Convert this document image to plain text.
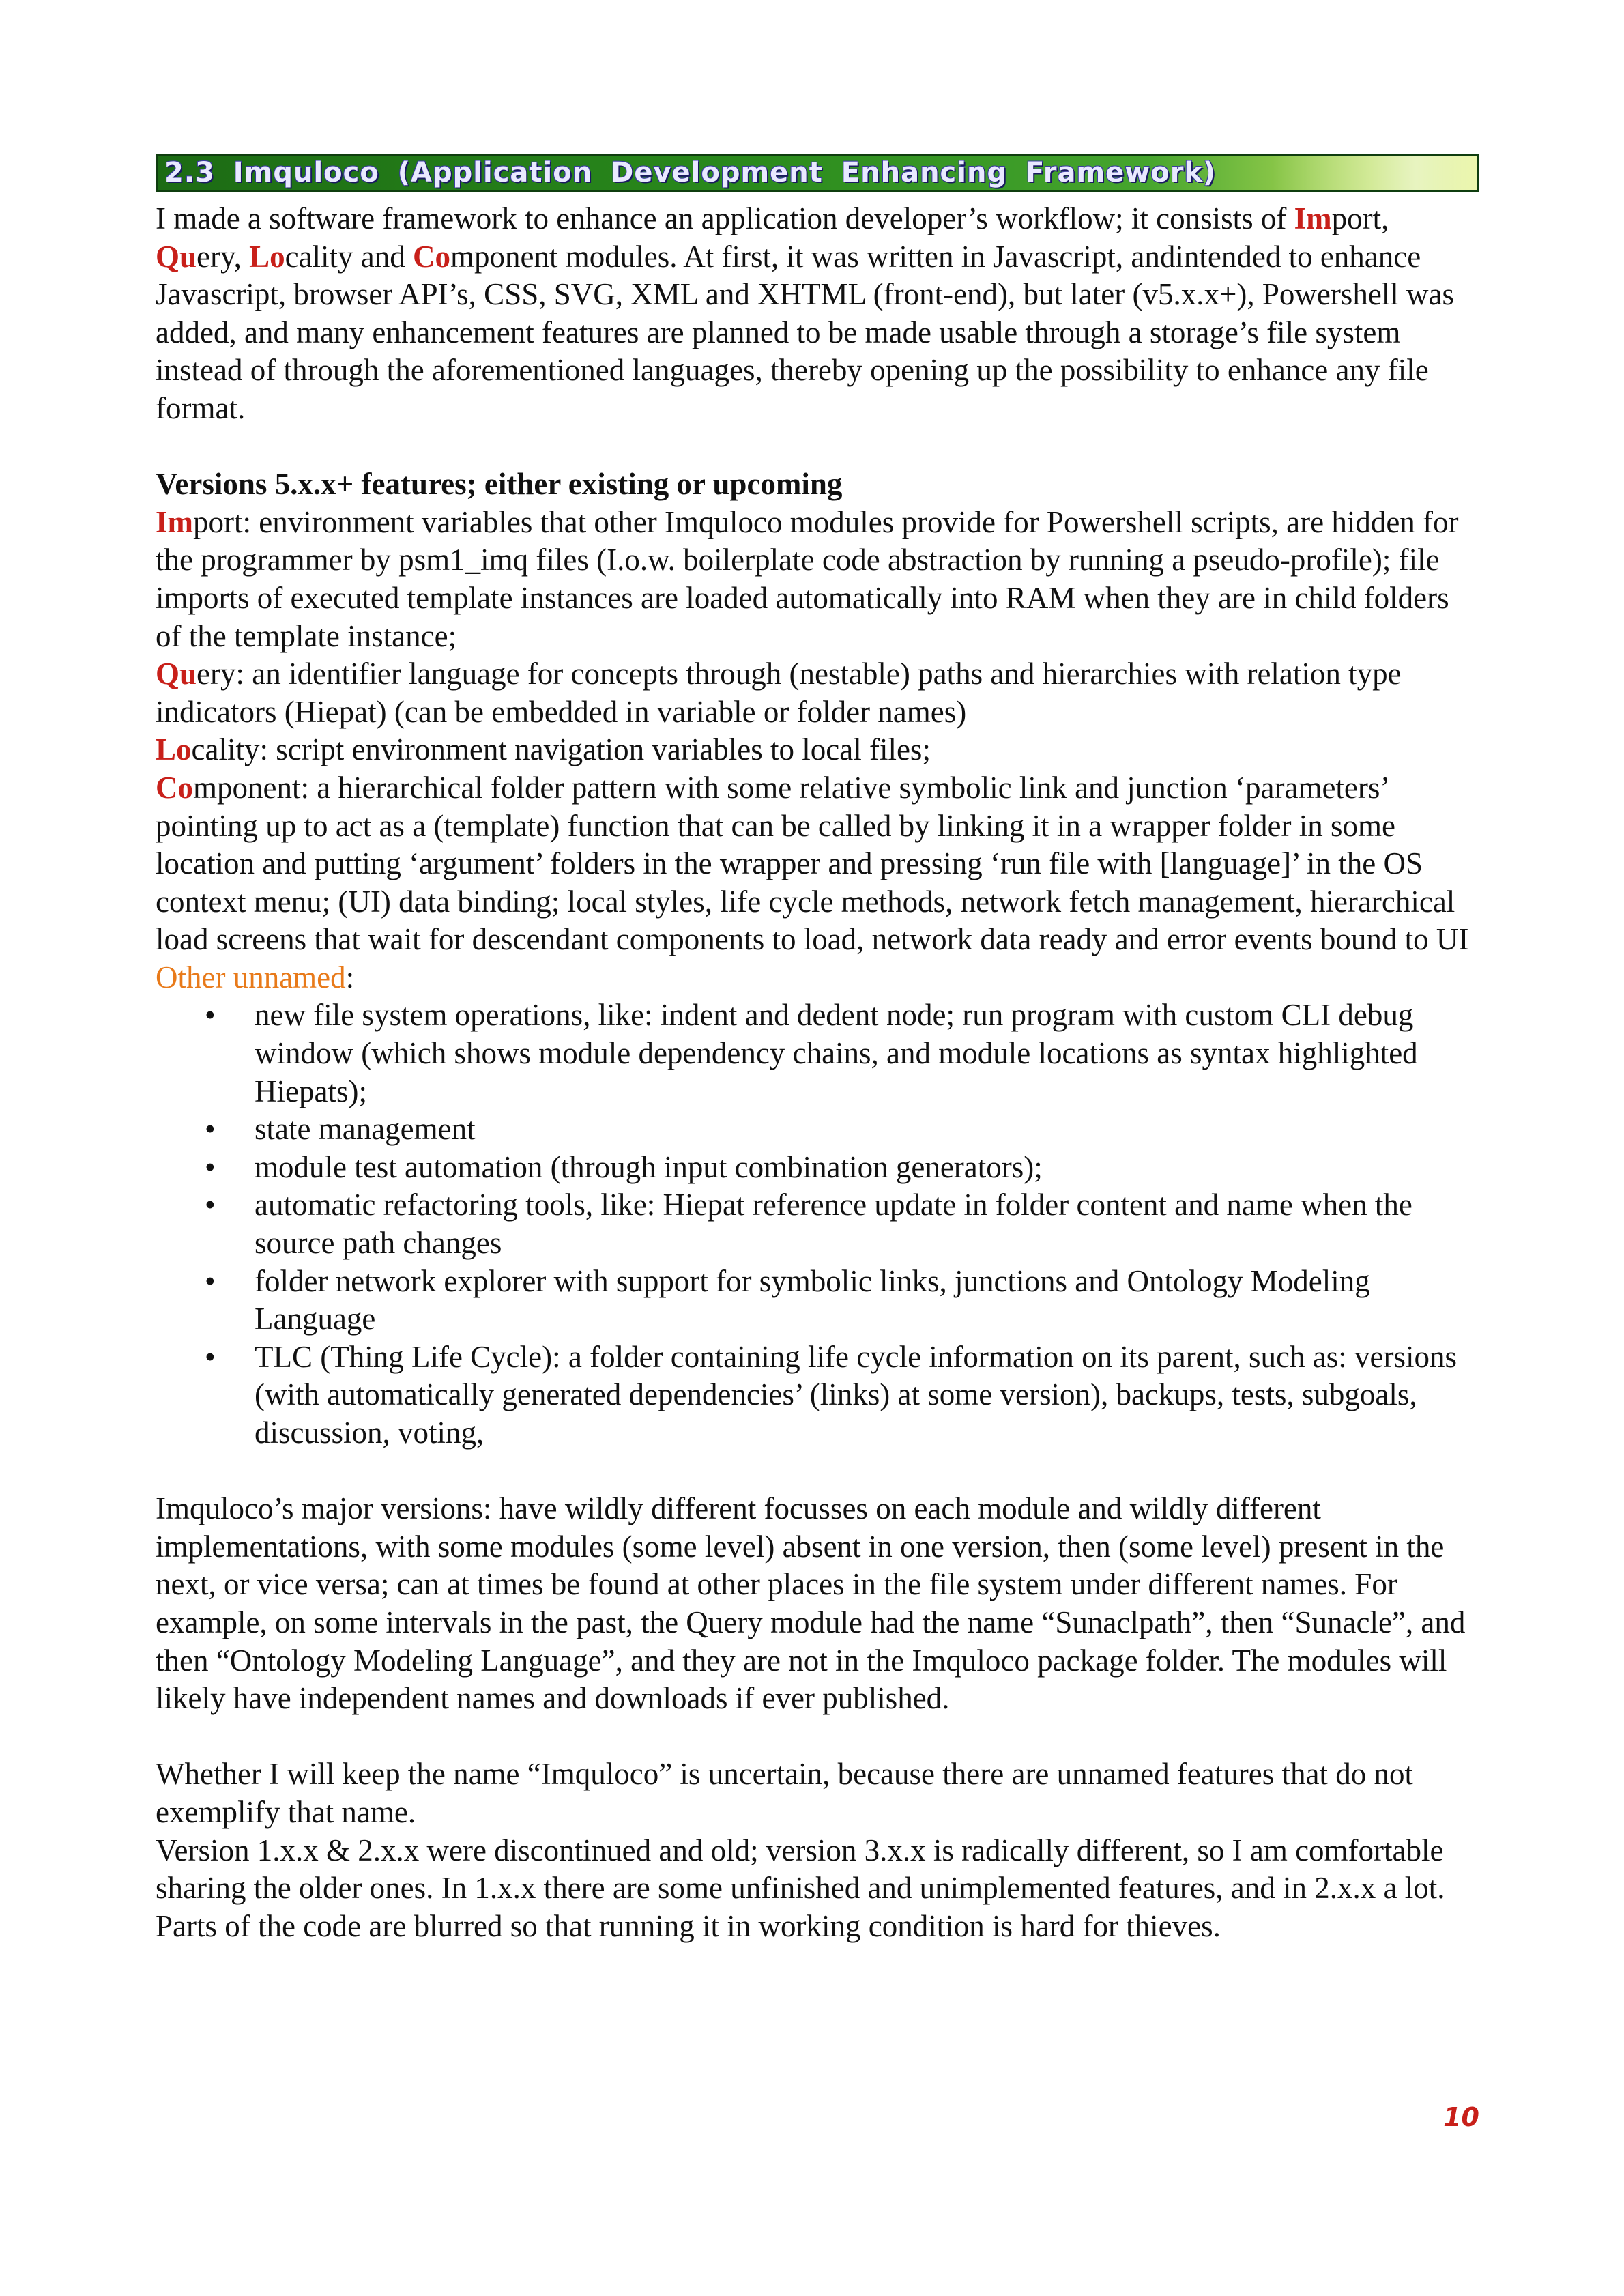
2.3 Imquloco (Application Development Enhancing Framework)

I made a software framework to enhance an application developer’s workflow; it consists of Import, Query, Locality and Component modules. At first, it was written in Javascript, andintended to enhance Javascript, browser API’s, CSS, SVG, XML and XHTML (front-end), but later (v5.x.x+), Powershell was added, and many enhancement features are planned to be made usable through a storage’s file system instead of through the aforementioned languages, thereby opening up the possibility to enhance any file format.

Versions 5.x.x+ features; either existing or upcoming

Import: environment variables that other Imquloco modules provide for Powershell scripts, are hidden for the programmer by psm1_imq files (I.o.w. boilerplate code abstraction by running a pseudo-profile); file imports of executed template instances are loaded automatically into RAM when they are in child folders of the template instance;

Query: an identifier language for concepts through (nestable) paths and hierarchies with relation type indicators (Hiepat) (can be embedded in variable or folder names)

Locality: script environment navigation variables to local files;

Component: a hierarchical folder pattern with some relative symbolic link and junction ‘parameters’ pointing up to act as a (template) function that can be called by linking it in a wrapper folder in some location and putting ‘argument’ folders in the wrapper and pressing ‘run file with [language]’ in the OS context menu; (UI) data binding; local styles, life cycle methods, network fetch management, hierarchical load screens that wait for descendant components to load, network data ready and error events bound to UI

Other unnamed:

• new file system operations, like: indent and dedent node; run program with custom CLI debug window (which shows module dependency chains, and module locations as syntax highlighted Hiepats);
• state management
• module test automation (through input combination generators);
• automatic refactoring tools, like: Hiepat reference update in folder content and name when the source path changes
• folder network explorer with support for symbolic links, junctions and Ontology Modeling Language
• TLC (Thing Life Cycle): a folder containing life cycle information on its parent, such as: versions (with automatically generated dependencies’ (links) at some version), backups, tests, subgoals, discussion, voting,

Imquloco’s major versions: have wildly different focusses on each module and wildly different implementations, with some modules (some level) absent in one version, then (some level) present in the next, or vice versa; can at times be found at other places in the file system under different names. For example, on some intervals in the past, the Query module had the name “Sunaclpath”, then “Sunacle”, and then “Ontology Modeling Language”, and they are not in the Imquloco package folder. The modules will likely have independent names and downloads if ever published.

Whether I will keep the name “Imquloco” is uncertain, because there are unnamed features that do not exemplify that name.

Version 1.x.x & 2.x.x were discontinued and old; version 3.x.x is radically different, so I am comfortable sharing the older ones. In 1.x.x there are some unfinished and unimplemented features, and in 2.x.x a lot. Parts of the code are blurred so that running it in working condition is hard for thieves.

10
